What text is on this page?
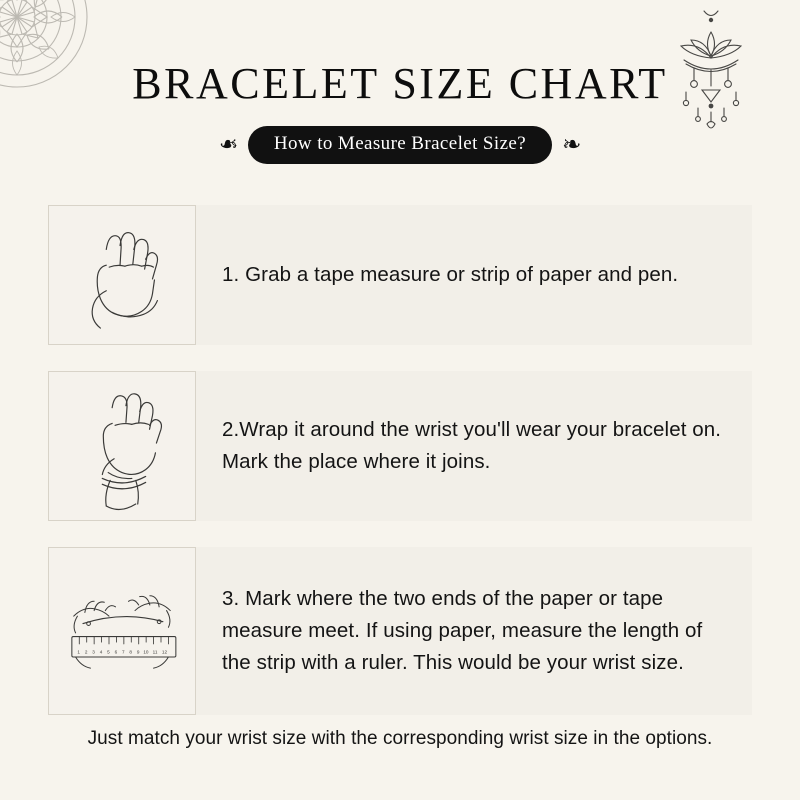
BRACELET SIZE CHART
❧	How to Measure Bracelet Size?	❧
1. Grab a tape measure or strip of paper and pen.
2.Wrap it around the wrist you'll wear your bracelet on. Mark the place where it joins.
1 2 3 4 5 6 7 8 9 10 11 12
3. Mark where the two ends of the paper or tape measure meet. If using paper, measure the length of the strip with a ruler. This would be your wrist size.
Just match your wrist size with the corresponding wrist size in the options.
